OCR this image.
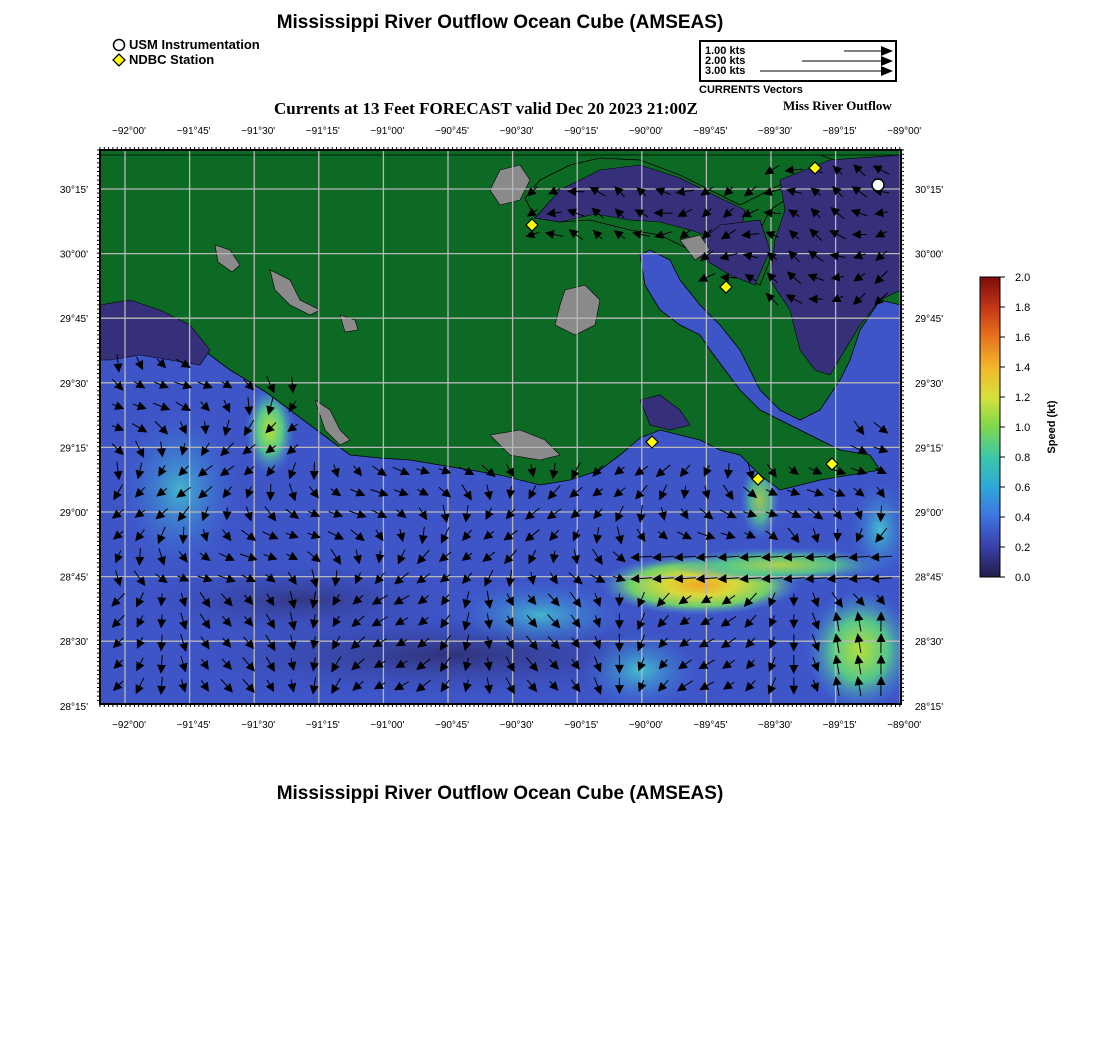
Mississippi River Outflow Ocean Cube (AMSEAS)
USM Instrumentation
NDBC Station
1.00 kts
2.00 kts
3.00 kts
CURRENTS Vectors
Currents at 13 Feet FORECAST valid Dec 20 2023 21:00Z	Miss River Outflow
−92°00'	−91°45'	−91°30'	−91°15'	−91°00'	−90°45'	−90°30'	−90°15'	−90°00'	−89°45'	−89°30'	−89°15'	−89°00'
−92°00'	−91°45'	−91°30'	−91°15'	−91°00'	−90°45'	−90°30'	−90°15'	−90°00'	−89°45'	−89°30'	−89°15'	−89°00'
30°15'
30°00'
29°45'
29°30'
29°15'
29°00'
28°45'
28°30'
28°15'
30°15'
30°00'
29°45'
29°30'
29°15'
29°00'
28°45'
28°30'
28°15'
2.0
1.8
1.6
1.4
1.2
1.0
0.8
0.6
0.4
0.2
0.0
Speed (kt)
Mississippi River Outflow Ocean Cube (AMSEAS)
